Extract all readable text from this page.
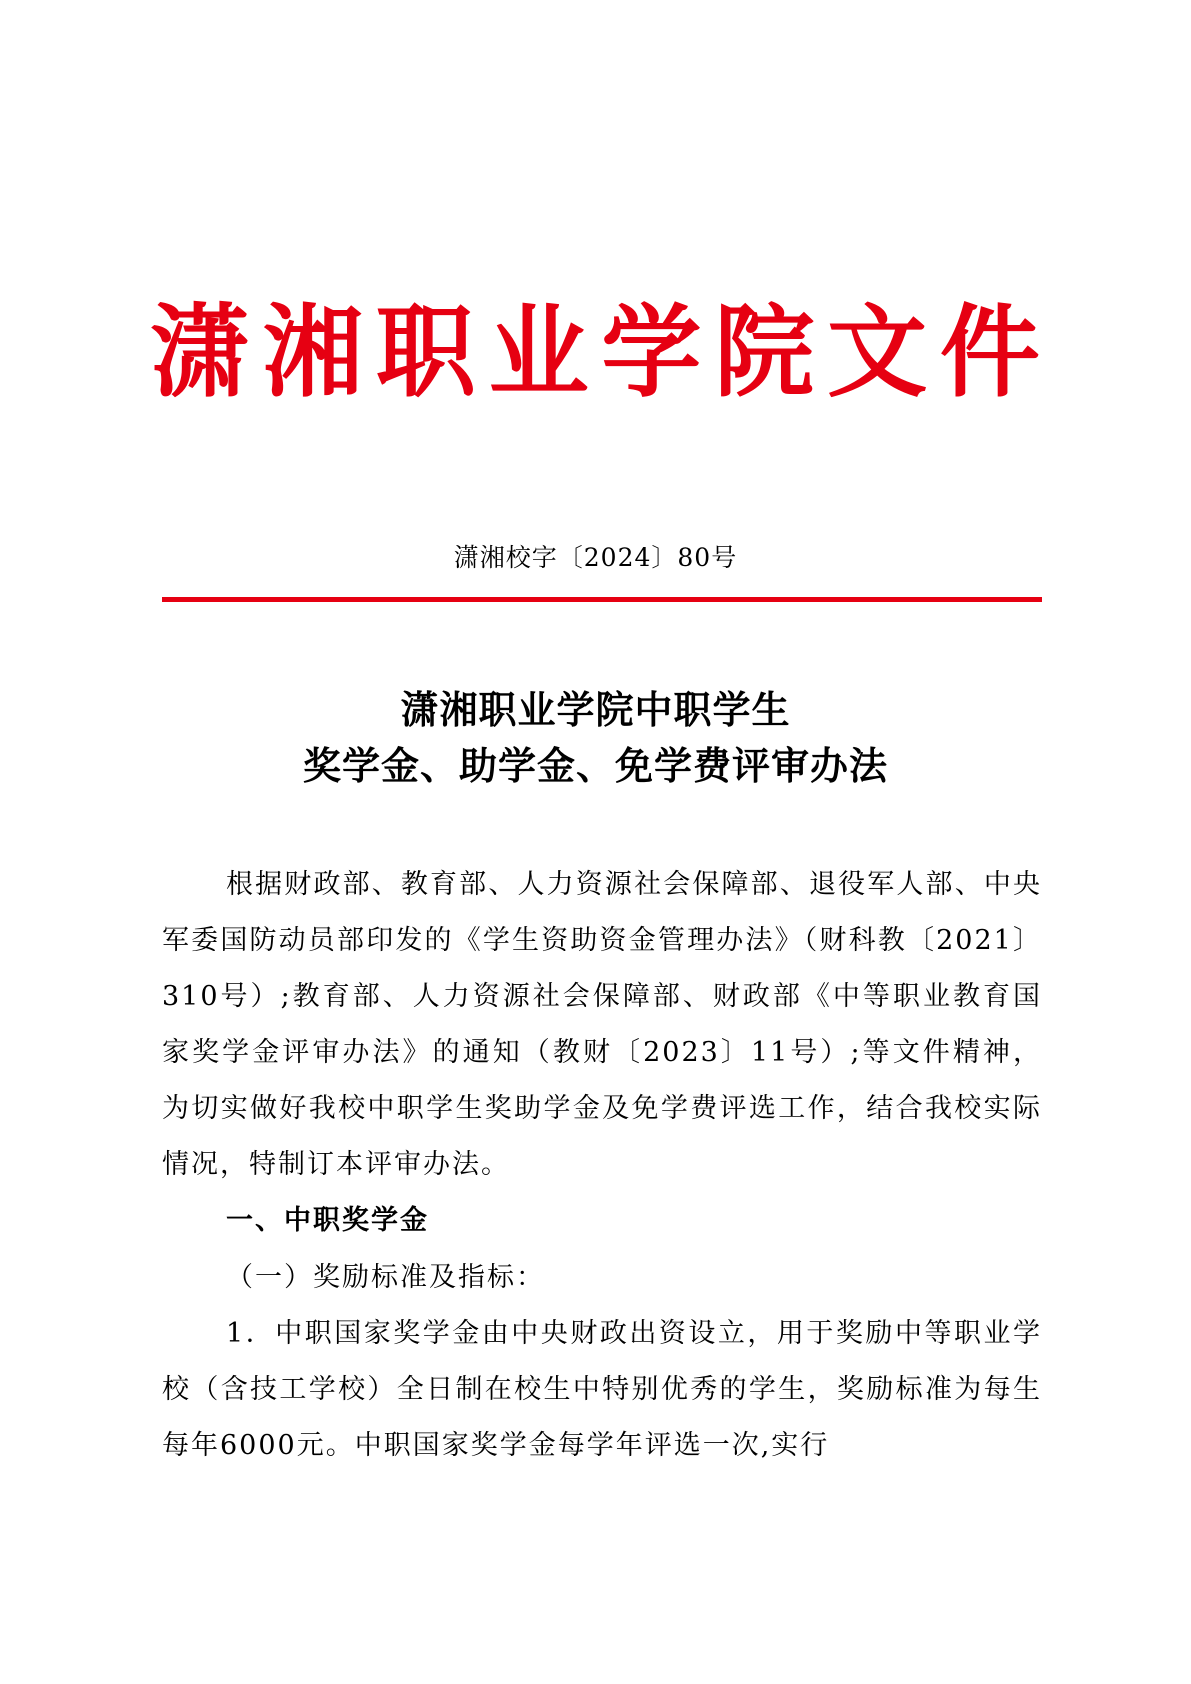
潇 湘 职 业 学 院 文 件
潇湘校字〔2024〕80号
潇湘职业学院中职学生
奖学金、助学金、免学费评审办法

根据财政部、教育部、人力资源社会保障部、退役军人部、中央军委国防动员部印发的《学生资助资金管理办法》（财科教〔2021〕310号）;教育部、人力资源社会保障部、财政部《中等职业教育国家奖学金评审办法》的通知（教财〔2023〕11号）;等文件精神，为切实做好我校中职学生奖助学金及免学费评选工作，结合我校实际情况，特制订本评审办法。

一、中职奖学金
（一）奖励标准及指标：

1．中职国家奖学金由中央财政出资设立，用于奖励中等职业学校（含技工学校）全日制在校生中特别优秀的学生，奖励标准为每生每年6000元。中职国家奖学金每学年评选一次,实行
